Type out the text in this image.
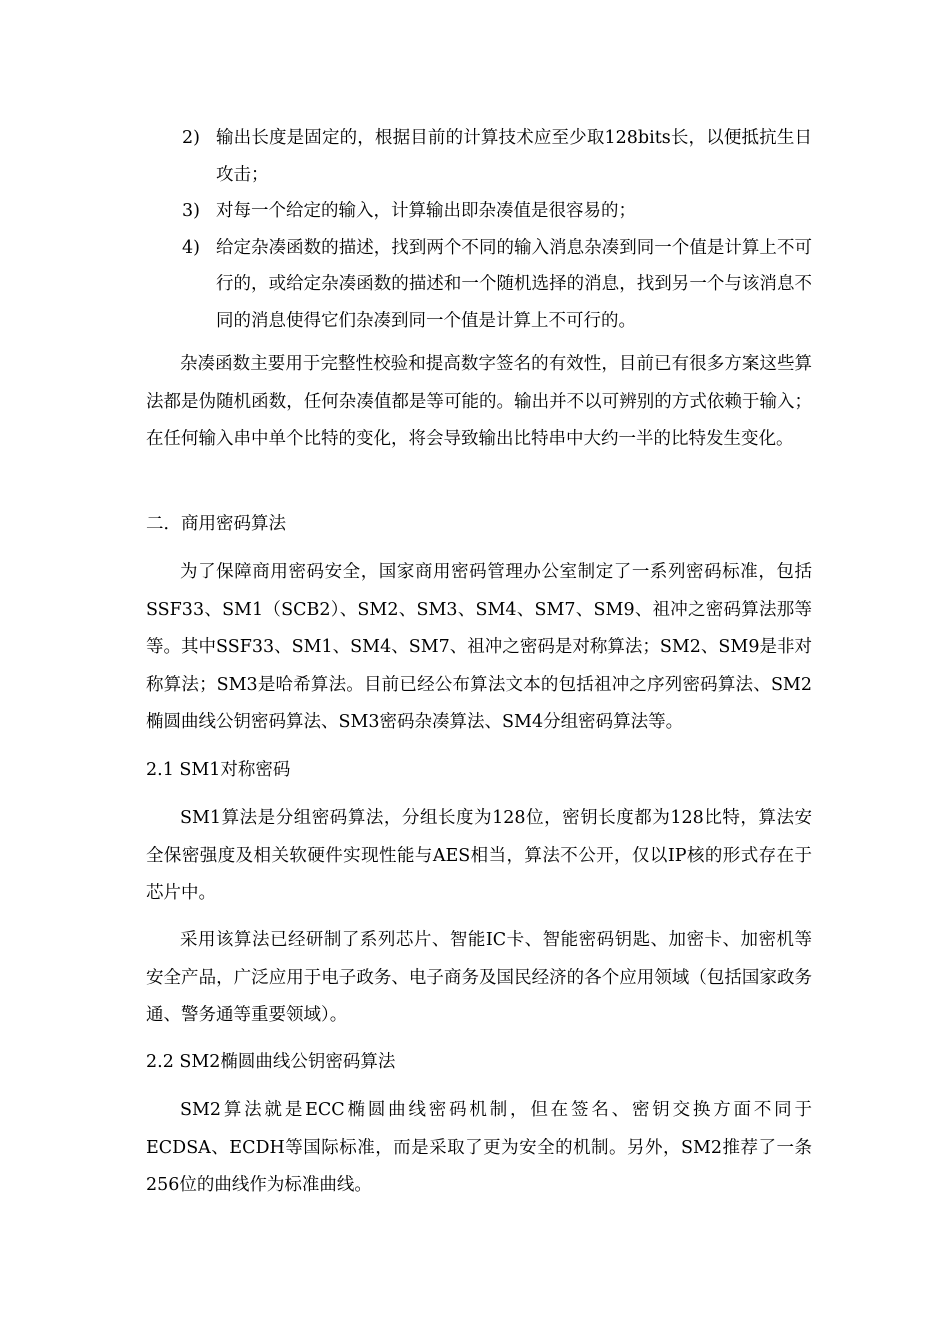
2) 输出长度是固定的，根据目前的计算技术应至少取128bits长，以便抵抗生日攻击；
3) 对每一个给定的输入，计算输出即杂凑值是很容易的；
4) 给定杂凑函数的描述，找到两个不同的输入消息杂凑到同一个值是计算上不可行的，或给定杂凑函数的描述和一个随机选择的消息，找到另一个与该消息不同的消息使得它们杂凑到同一个值是计算上不可行的。

杂凑函数主要用于完整性校验和提高数字签名的有效性，目前已有很多方案这些算法都是伪随机函数，任何杂凑值都是等可能的。输出并不以可辨别的方式依赖于输入；在任何输入串中单个比特的变化，将会导致输出比特串中大约一半的比特发生变化。

二．商用密码算法

为了保障商用密码安全，国家商用密码管理办公室制定了一系列密码标准，包括SSF33、SM1（SCB2）、SM2、SM3、SM4、SM7、SM9、祖冲之密码算法那等等。其中SSF33、SM1、SM4、SM7、祖冲之密码是对称算法；SM2、SM9是非对称算法；SM3是哈希算法。目前已经公布算法文本的包括祖冲之序列密码算法、SM2椭圆曲线公钥密码算法、SM3密码杂凑算法、SM4分组密码算法等。

2.1 SM1对称密码

SM1算法是分组密码算法，分组长度为128位，密钥长度都为128比特，算法安全保密强度及相关软硬件实现性能与AES相当，算法不公开，仅以IP核的形式存在于芯片中。

采用该算法已经研制了系列芯片、智能IC卡、智能密码钥匙、加密卡、加密机等安全产品，广泛应用于电子政务、电子商务及国民经济的各个应用领域（包括国家政务通、警务通等重要领域）。

2.2 SM2椭圆曲线公钥密码算法

SM2算法就是ECC椭圆曲线密码机制，但在签名、密钥交换方面不同于ECDSA、ECDH等国际标准，而是采取了更为安全的机制。另外，SM2推荐了一条256位的曲线作为标准曲线。
